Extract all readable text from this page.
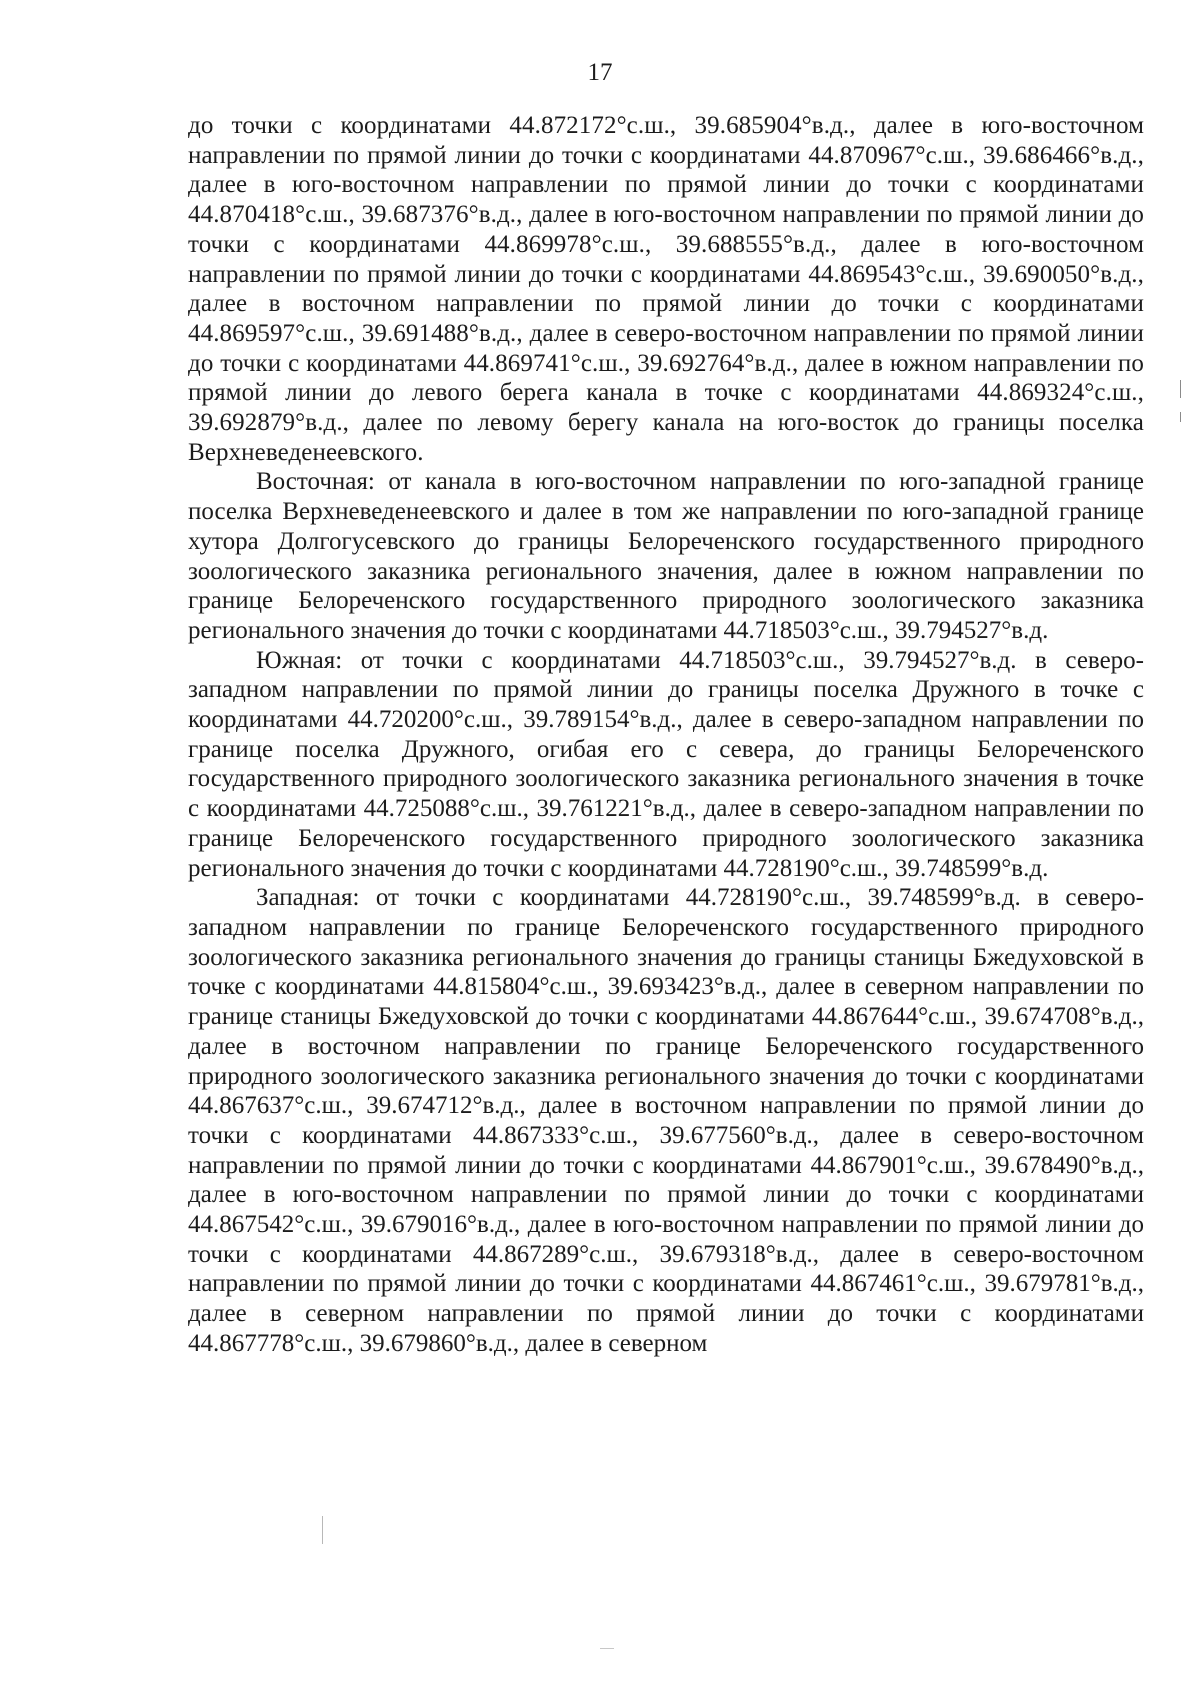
17

до точки с координатами 44.872172°с.ш., 39.685904°в.д., далее в юго-восточном направлении по прямой линии до точки с координатами 44.870967°с.ш., 39.686466°в.д., далее в юго-восточном направлении по прямой линии до точки с координатами 44.870418°с.ш., 39.687376°в.д., далее в юго-восточном направлении по прямой линии до точки с координатами 44.869978°с.ш., 39.688555°в.д., далее в юго-восточном направлении по прямой линии до точки с координатами 44.869543°с.ш., 39.690050°в.д., далее в восточном направлении по прямой линии до точки с координатами 44.869597°с.ш., 39.691488°в.д., далее в северо-восточном направлении по прямой линии до точки с координатами 44.869741°с.ш., 39.692764°в.д., далее в южном направлении по прямой линии до левого берега канала в точке с координатами 44.869324°с.ш., 39.692879°в.д., далее по левому берегу канала на юго-восток до границы поселка Верхневеденеевского.

Восточная: от канала в юго-восточном направлении по юго-западной границе поселка Верхневеденеевского и далее в том же направлении по юго-западной границе хутора Долгогусевского до границы Белореченского государственного природного зоологического заказника регионального значения, далее в южном направлении по границе Белореченского государственного природного зоологического заказника регионального значения до точки с координатами 44.718503°с.ш., 39.794527°в.д.

Южная: от точки с координатами 44.718503°с.ш., 39.794527°в.д. в северо-западном направлении по прямой линии до границы поселка Дружного в точке с координатами 44.720200°с.ш., 39.789154°в.д., далее в северо-западном направлении по границе поселка Дружного, огибая его с севера, до границы Белореченского государственного природного зоологического заказника регионального значения в точке с координатами 44.725088°с.ш., 39.761221°в.д., далее в северо-западном направлении по границе Белореченского государственного природного зоологического заказника регионального значения до точки с координатами 44.728190°с.ш., 39.748599°в.д.

Западная: от точки с координатами 44.728190°с.ш., 39.748599°в.д. в северо-западном направлении по границе Белореченского государственного природного зоологического заказника регионального значения до границы станицы Бжедуховской в точке с координатами 44.815804°с.ш., 39.693423°в.д., далее в северном направлении по границе станицы Бжедуховской до точки с координатами 44.867644°с.ш., 39.674708°в.д., далее в восточном направлении по границе Белореченского государственного природного зоологического заказника регионального значения до точки с координатами 44.867637°с.ш., 39.674712°в.д., далее в восточном направлении по прямой линии до точки с координатами 44.867333°с.ш., 39.677560°в.д., далее в северо-восточном направлении по прямой линии до точки с координатами 44.867901°с.ш., 39.678490°в.д., далее в юго-восточном направлении по прямой линии до точки с координатами 44.867542°с.ш., 39.679016°в.д., далее в юго-восточном направлении по прямой линии до точки с координатами 44.867289°с.ш., 39.679318°в.д., далее в северо-восточном направлении по прямой линии до точки с координатами 44.867461°с.ш., 39.679781°в.д., далее в северном направлении по прямой линии до точки с координатами 44.867778°с.ш., 39.679860°в.д., далее в северном
